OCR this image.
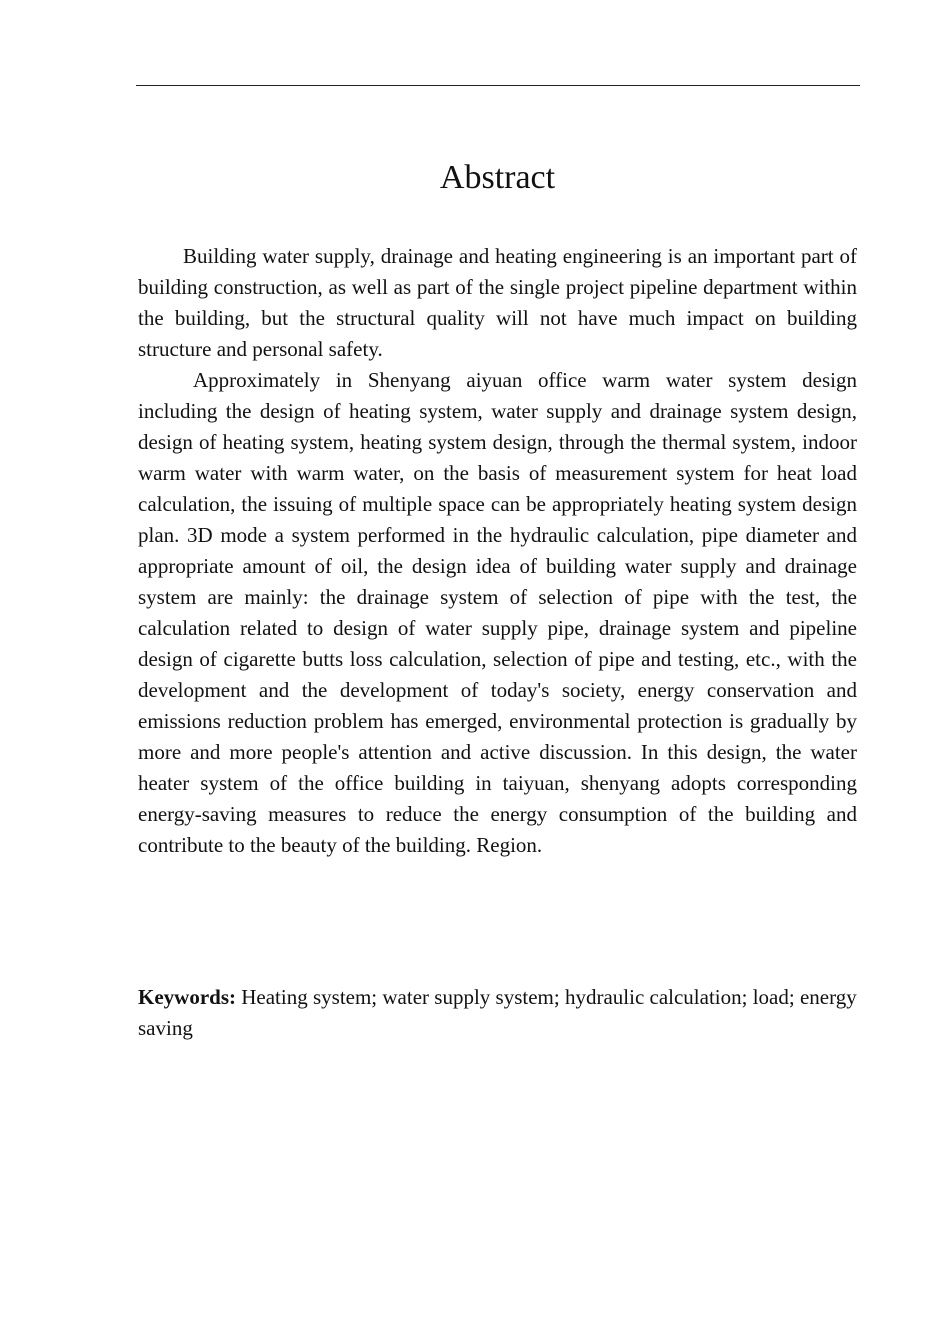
Abstract

Building water supply, drainage and heating engineering is an important part of building construction, as well as part of the single project pipeline department within the building, but the structural quality will not have much impact on building structure and personal safety.

Approximately in Shenyang aiyuan office warm water system design including the design of heating system, water supply and drainage system design, design of heating system, heating system design, through the thermal system, indoor warm water with warm water, on the basis of measurement system for heat load calculation, the issuing of multiple space can be appropriately heating system design plan. 3D mode a system performed in the hydraulic calculation, pipe diameter and appropriate amount of oil, the design idea of building water supply and drainage system are mainly: the drainage system of selection of pipe with the test, the calculation related to design of water supply pipe, drainage system and pipeline design of cigarette butts loss calculation, selection of pipe and testing, etc., with the development and the development of today's society, energy conservation and emissions reduction problem has emerged, environmental protection is gradually by more and more people's attention and active discussion. In this design, the water heater system of the office building in taiyuan, shenyang adopts corresponding energy-saving measures to reduce the energy consumption of the building and contribute to the beauty of the building. Region.

Keywords: Heating system; water supply system; hydraulic calculation; load; energy saving
